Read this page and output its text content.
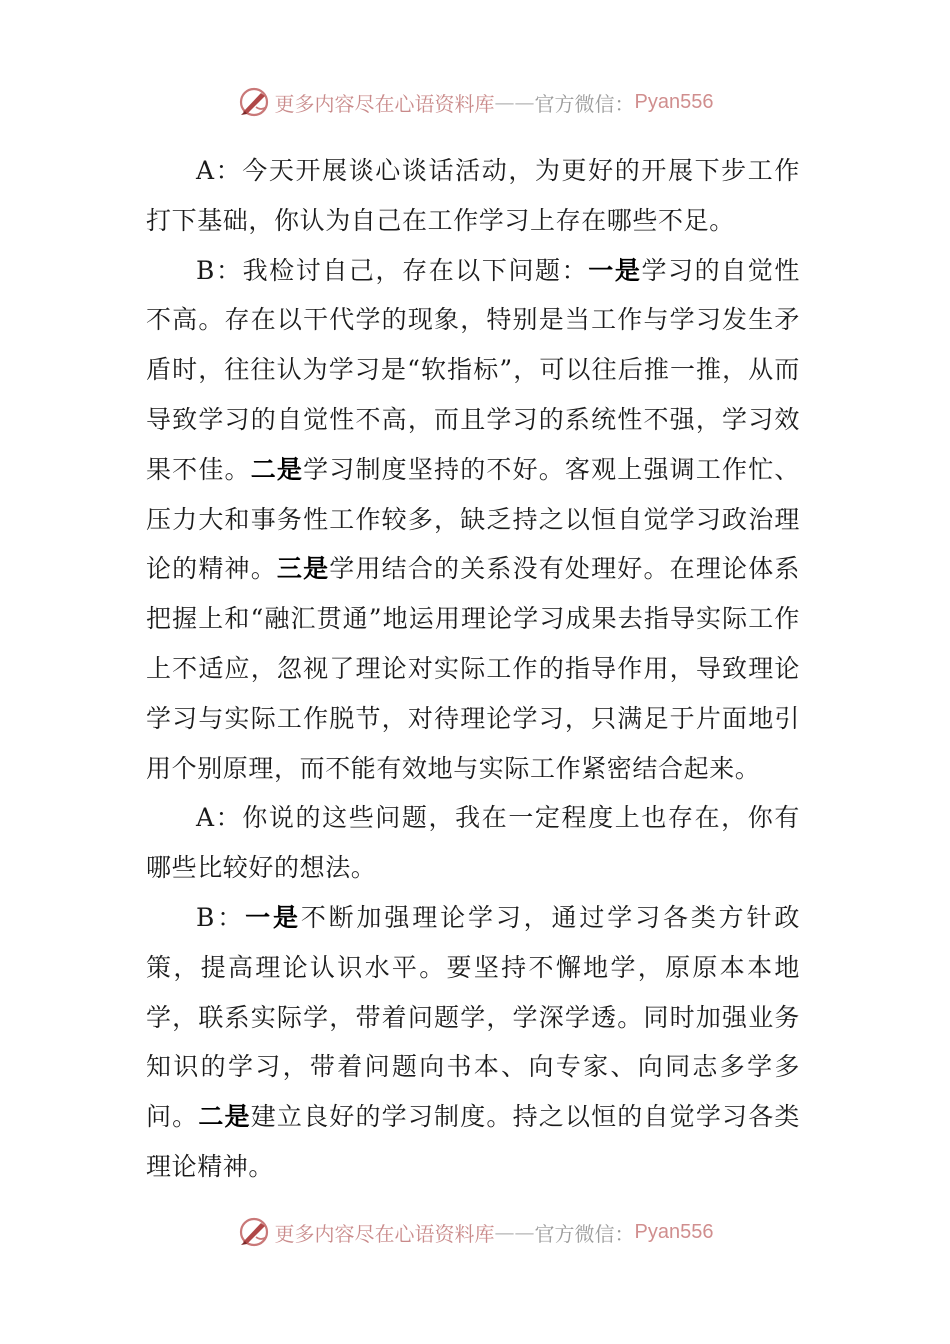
更多内容尽在心语资料库 —— 官方微信： Pyan556

A：今天开展谈心谈话活动，为更好的开展下步工作打下基础，你认为自己在工作学习上存在哪些不足。

B：我检讨自己，存在以下问题：一是学习的自觉性不高。存在以干代学的现象，特别是当工作与学习发生矛盾时，往往认为学习是“软指标”，可以往后推一推，从而导致学习的自觉性不高，而且学习的系统性不强，学习效果不佳。二是学习制度坚持的不好。客观上强调工作忙、压力大和事务性工作较多，缺乏持之以恒自觉学习政治理论的精神。三是学用结合的关系没有处理好。在理论体系把握上和“融汇贯通”地运用理论学习成果去指导实际工作上不适应，忽视了理论对实际工作的指导作用，导致理论学习与实际工作脱节，对待理论学习，只满足于片面地引用个别原理，而不能有效地与实际工作紧密结合起来。

A：你说的这些问题，我在一定程度上也存在，你有哪些比较好的想法。

B：一是不断加强理论学习，通过学习各类方针政策，提高理论认识水平。要坚持不懈地学，原原本本地学，联系实际学，带着问题学，学深学透。同时加强业务知识的学习，带着问题向书本、向专家、向同志多学多问。二是建立良好的学习制度。持之以恒的自觉学习各类理论精神。

更多内容尽在心语资料库 —— 官方微信： Pyan556
